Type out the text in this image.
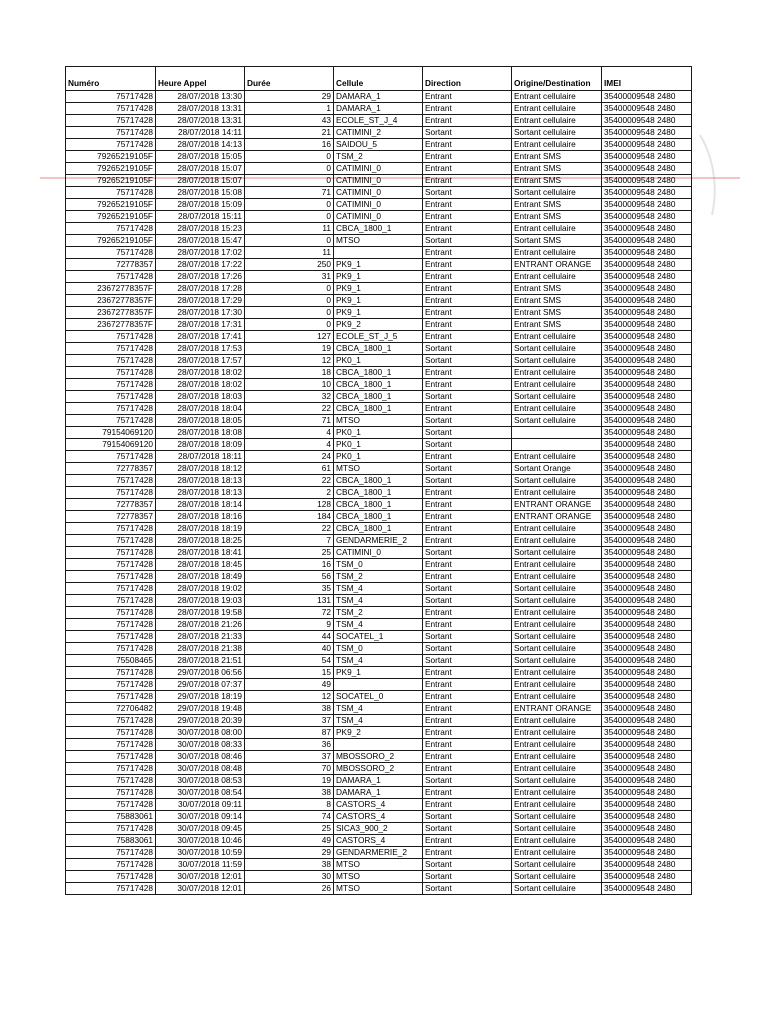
Numéro	Heure Appel	Durée	Cellule	Direction	Origine/Destination	IMEI
75717428	28/07/2018 13:30	29	DAMARA_1	Entrant	Entrant cellulaire	35400009548 2480
75717428	28/07/2018 13:31	1	DAMARA_1	Entrant	Entrant cellulaire	35400009548 2480
75717428	28/07/2018 13:31	43	ECOLE_ST_J_4	Entrant	Entrant cellulaire	35400009548 2480
75717428	28/07/2018 14:11	21	CATIMINI_2	Sortant	Sortant cellulaire	35400009548 2480
75717428	28/07/2018 14:13	16	SAIDOU_5	Entrant	Entrant cellulaire	35400009548 2480
79265219105F	28/07/2018 15:05	0	TSM_2	Entrant	Entrant SMS	35400009548 2480
79265219105F	28/07/2018 15:07	0	CATIMINI_0	Entrant	Entrant SMS	35400009548 2480
79265219105F	28/07/2018 15:07	0	CATIMINI_0	Entrant	Entrant SMS	35400009548 2480
75717428	28/07/2018 15:08	71	CATIMINI_0	Sortant	Sortant cellulaire	35400009548 2480
79265219105F	28/07/2018 15:09	0	CATIMINI_0	Entrant	Entrant SMS	35400009548 2480
79265219105F	28/07/2018 15:11	0	CATIMINI_0	Entrant	Entrant SMS	35400009548 2480
75717428	28/07/2018 15:23	11	CBCA_1800_1	Entrant	Entrant cellulaire	35400009548 2480
79265219105F	28/07/2018 15:47	0	MTSO	Sortant	Sortant SMS	35400009548 2480
75717428	28/07/2018 17:02	11		Entrant	Entrant cellulaire	35400009548 2480
72778357	28/07/2018 17:22	250	PK9_1	Entrant	ENTRANT ORANGE	35400009548 2480
75717428	28/07/2018 17:26	31	PK9_1	Entrant	Entrant cellulaire	35400009548 2480
23672778357F	28/07/2018 17:28	0	PK9_1	Entrant	Entrant SMS	35400009548 2480
23672778357F	28/07/2018 17:29	0	PK9_1	Entrant	Entrant SMS	35400009548 2480
23672778357F	28/07/2018 17:30	0	PK9_1	Entrant	Entrant SMS	35400009548 2480
23672778357F	28/07/2018 17:31	0	PK9_2	Entrant	Entrant SMS	35400009548 2480
75717428	28/07/2018 17:41	127	ECOLE_ST_J_5	Entrant	Entrant cellulaire	35400009548 2480
75717428	28/07/2018 17:53	19	CBCA_1800_1	Sortant	Sortant cellulaire	35400009548 2480
75717428	28/07/2018 17:57	12	PK0_1	Sortant	Sortant cellulaire	35400009548 2480
75717428	28/07/2018 18:02	18	CBCA_1800_1	Entrant	Entrant cellulaire	35400009548 2480
75717428	28/07/2018 18:02	10	CBCA_1800_1	Entrant	Entrant cellulaire	35400009548 2480
75717428	28/07/2018 18:03	32	CBCA_1800_1	Sortant	Sortant cellulaire	35400009548 2480
75717428	28/07/2018 18:04	22	CBCA_1800_1	Entrant	Entrant cellulaire	35400009548 2480
75717428	28/07/2018 18:05	71	MTSO	Sortant	Sortant cellulaire	35400009548 2480
79154069120	28/07/2018 18:08	4	PK0_1	Sortant		35400009548 2480
79154069120	28/07/2018 18:09	4	PK0_1	Sortant		35400009548 2480
75717428	28/07/2018 18:11	24	PK0_1	Entrant	Entrant cellulaire	35400009548 2480
72778357	28/07/2018 18:12	61	MTSO	Sortant	Sortant Orange	35400009548 2480
75717428	28/07/2018 18:13	22	CBCA_1800_1	Sortant	Sortant cellulaire	35400009548 2480
75717428	28/07/2018 18:13	2	CBCA_1800_1	Entrant	Entrant cellulaire	35400009548 2480
72778357	28/07/2018 18:14	128	CBCA_1800_1	Entrant	ENTRANT ORANGE	35400009548 2480
72778357	28/07/2018 18:16	184	CBCA_1800_1	Entrant	ENTRANT ORANGE	35400009548 2480
75717428	28/07/2018 18:19	22	CBCA_1800_1	Entrant	Entrant cellulaire	35400009548 2480
75717428	28/07/2018 18:25	7	GENDARMERIE_2	Entrant	Entrant cellulaire	35400009548 2480
75717428	28/07/2018 18:41	25	CATIMINI_0	Sortant	Sortant cellulaire	35400009548 2480
75717428	28/07/2018 18:45	16	TSM_0	Entrant	Entrant cellulaire	35400009548 2480
75717428	28/07/2018 18:49	56	TSM_2	Entrant	Entrant cellulaire	35400009548 2480
75717428	28/07/2018 19:02	35	TSM_4	Sortant	Sortant cellulaire	35400009548 2480
75717428	28/07/2018 19:03	131	TSM_4	Sortant	Sortant cellulaire	35400009548 2480
75717428	28/07/2018 19:58	72	TSM_2	Entrant	Entrant cellulaire	35400009548 2480
75717428	28/07/2018 21:26	9	TSM_4	Entrant	Entrant cellulaire	35400009548 2480
75717428	28/07/2018 21:33	44	SOCATEL_1	Sortant	Sortant cellulaire	35400009548 2480
75717428	28/07/2018 21:38	40	TSM_0	Sortant	Sortant cellulaire	35400009548 2480
75508465	28/07/2018 21:51	54	TSM_4	Sortant	Sortant cellulaire	35400009548 2480
75717428	29/07/2018 06:56	15	PK9_1	Entrant	Entrant cellulaire	35400009548 2480
75717428	29/07/2018 07:37	49		Entrant	Entrant cellulaire	35400009548 2480
75717428	29/07/2018 18:19	12	SOCATEL_0	Entrant	Entrant cellulaire	35400009548 2480
72706482	29/07/2018 19:48	38	TSM_4	Entrant	ENTRANT ORANGE	35400009548 2480
75717428	29/07/2018 20:39	37	TSM_4	Entrant	Entrant cellulaire	35400009548 2480
75717428	30/07/2018 08:00	87	PK9_2	Entrant	Entrant cellulaire	35400009548 2480
75717428	30/07/2018 08:33	36		Entrant	Entrant cellulaire	35400009548 2480
75717428	30/07/2018 08:46	37	MBOSSORO_2	Entrant	Entrant cellulaire	35400009548 2480
75717428	30/07/2018 08:48	70	MBOSSORO_2	Entrant	Entrant cellulaire	35400009548 2480
75717428	30/07/2018 08:53	19	DAMARA_1	Sortant	Sortant cellulaire	35400009548 2480
75717428	30/07/2018 08:54	38	DAMARA_1	Entrant	Entrant cellulaire	35400009548 2480
75717428	30/07/2018 09:11	8	CASTORS_4	Entrant	Entrant cellulaire	35400009548 2480
75883061	30/07/2018 09:14	74	CASTORS_4	Sortant	Sortant cellulaire	35400009548 2480
75717428	30/07/2018 09:45	25	SICA3_900_2	Sortant	Sortant cellulaire	35400009548 2480
75883061	30/07/2018 10:46	49	CASTORS_4	Entrant	Entrant cellulaire	35400009548 2480
75717428	30/07/2018 10:59	29	GENDARMERIE_2	Entrant	Entrant cellulaire	35400009548 2480
75717428	30/07/2018 11:59	38	MTSO	Sortant	Sortant cellulaire	35400009548 2480
75717428	30/07/2018 12:01	30	MTSO	Sortant	Sortant cellulaire	35400009548 2480
75717428	30/07/2018 12:01	26	MTSO	Sortant	Sortant cellulaire	35400009548 2480
